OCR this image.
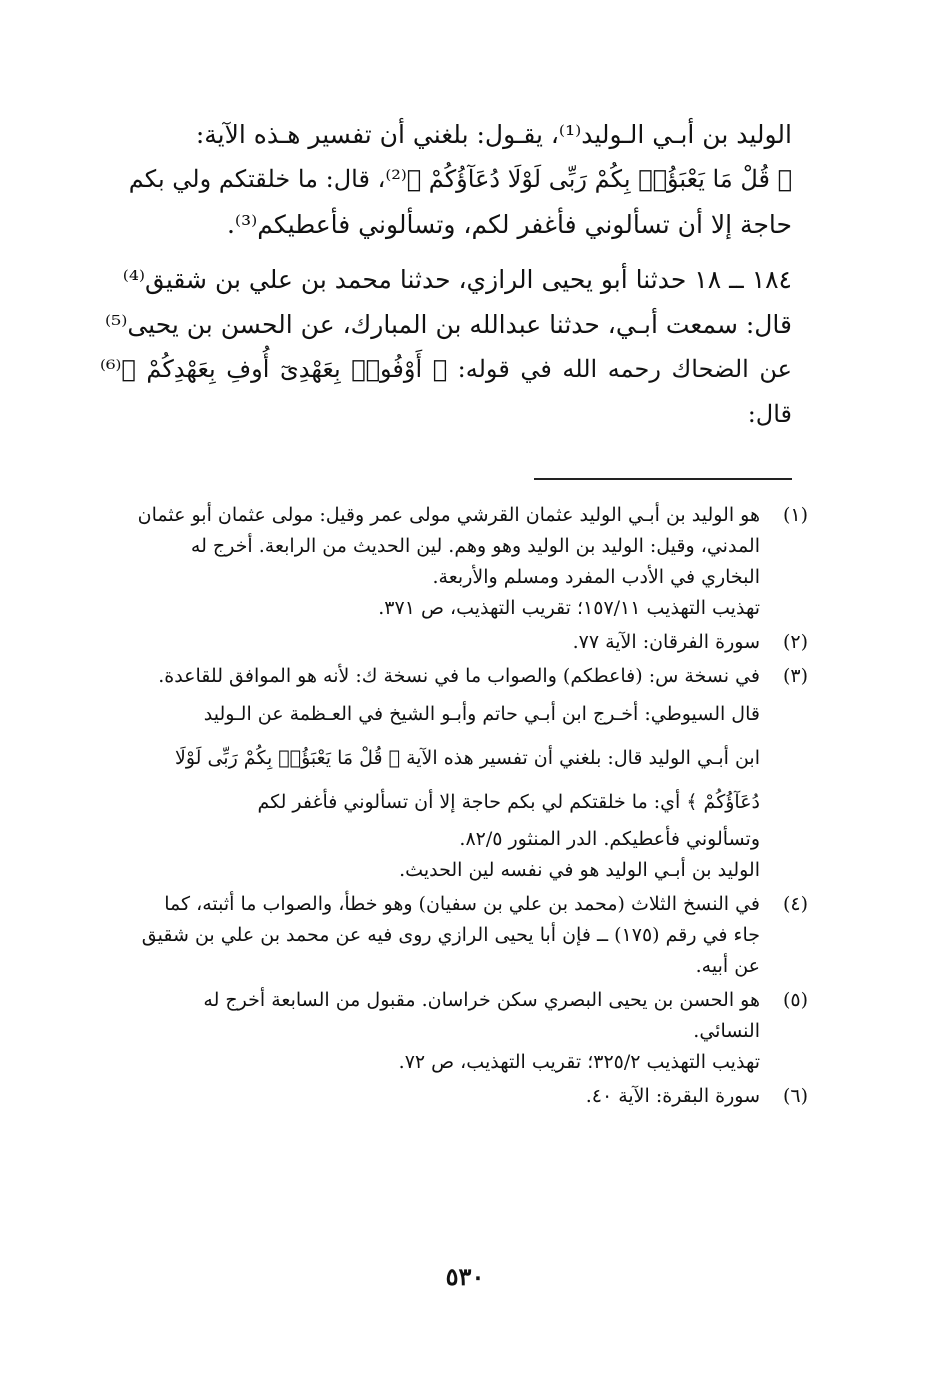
الوليد بن أبـي الـوليد⁽¹⁾، يقـول: بلغني أن تفسير هـذه الآية:

﴿ قُلْ مَا يَعْبَؤُا۟ بِكُمْ رَبِّى لَوْلَا دُعَآؤُكُمْ ﴾⁽²⁾، قال: ما خلقتكم ولي بكم

حاجة إلا أن تسألوني فأغفر لكم، وتسألوني فأعطيكم⁽³⁾.

١٨٤ ــ ١٨ حدثنا أبو يحيى الرازي، حدثنا محمد بن علي بن شقيق⁽⁴⁾

قال: سمعت أبـي، حدثنا عبدالله بن المبارك، عن الحسن بن يحيى⁽⁵⁾

عن الضحاك رحمه الله في قوله: ﴿ أَوْفُوا۟ بِعَهْدِىٓ أُوفِ بِعَهْدِكُمْ ﴾⁽⁶⁾ قال:

(١)

هو الوليد بن أبـي الوليد عثمان القرشي مولى عمر وقيل: مولى عثمان أبو عثمان

المدني، وقيل: الوليد بن الوليد وهو وهم. لين الحديث من الرابعة. أخرج له

البخاري في الأدب المفرد ومسلم والأربعة.

تهذيب التهذيب ١٥٧/١١؛ تقريب التهذيب، ص ٣٧١.

(٢)

سورة الفرقان: الآية ٧٧.

(٣)

في نسخة س: (فاعطكم) والصواب ما في نسخة ك: لأنه هو الموافق للقاعدة.

قال السيوطي: أخـرج ابن أبـي حاتم وأبـو الشيخ في العـظمة عن الـوليد

ابن أبـي الوليد قال: بلغني أن تفسير هذه الآية ﴿ قُلْ مَا يَعْبَؤُا۟ بِكُمْ رَبِّى لَوْلَا

دُعَآؤُكُمْ ﴾ أي: ما خلقتكم لي بكم حاجة إلا أن تسألوني فأغفر لكم

وتسألوني فأعطيكم. الدر المنثور ٨٢/٥.

الوليد بن أبـي الوليد هو في نفسه لين الحديث.

(٤)

في النسخ الثلاث (محمد بن علي بن سفيان) وهو خطأ، والصواب ما أثبته، كما

جاء في رقم (١٧٥) ــ فإن أبا يحيى الرازي روى فيه عن محمد بن علي بن شقيق

عن أبيه.

(٥)

هو الحسن بن يحيى البصري سكن خراسان. مقبول من السابعة أخرج له

النسائي.

تهذيب التهذيب ٣٢٥/٢؛ تقريب التهذيب، ص ٧٢.

(٦)

سورة البقرة: الآية ٤٠.

٥٣٠
